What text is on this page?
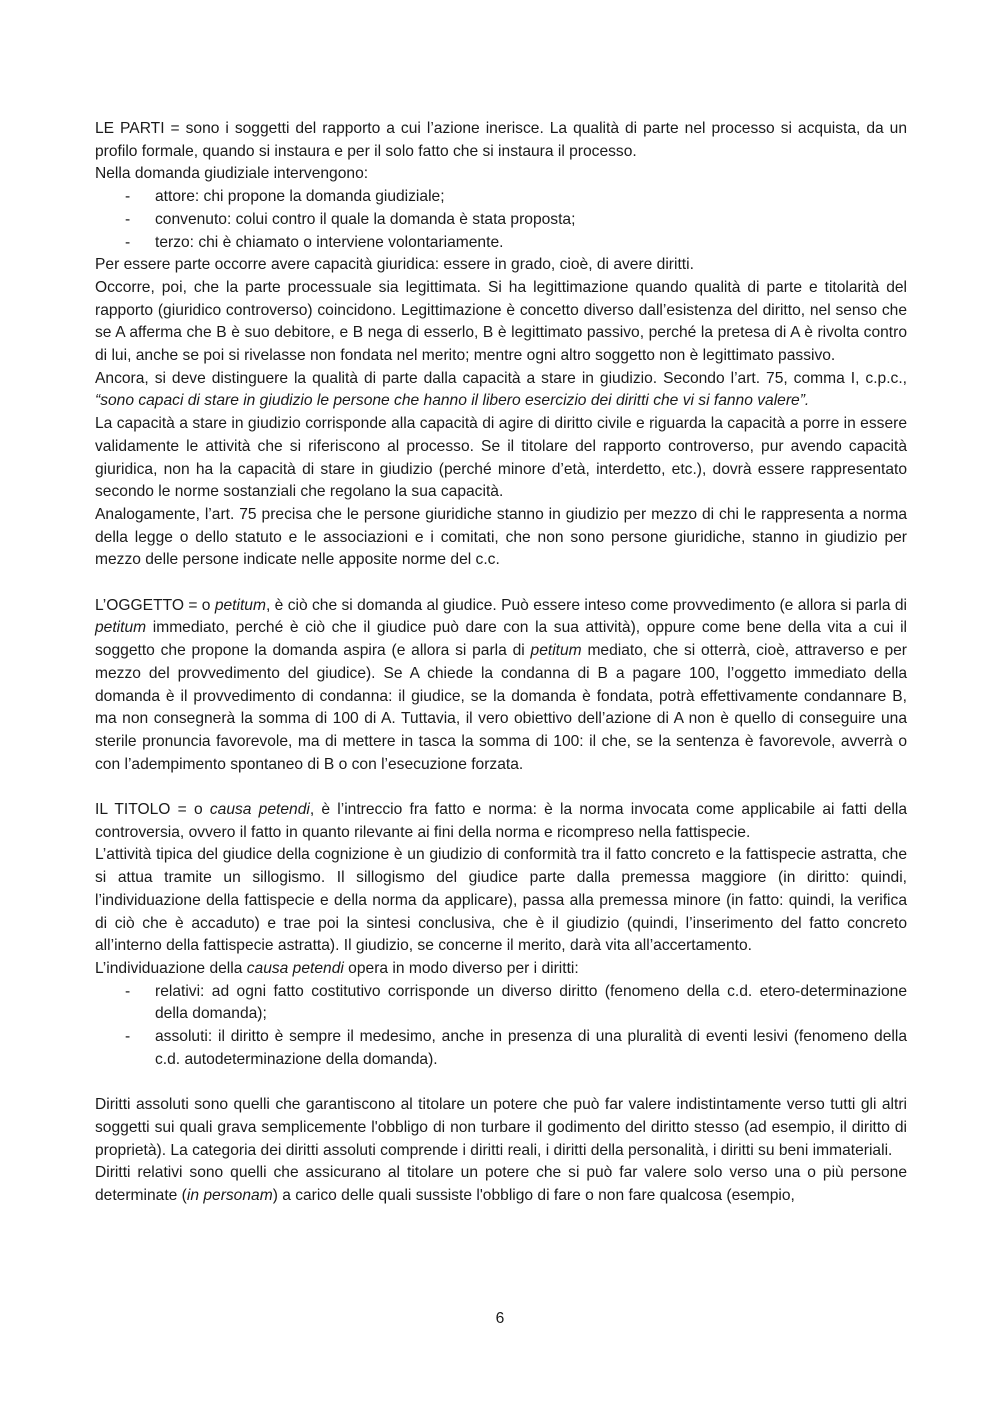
LE PARTI = sono i soggetti del rapporto a cui l’azione inerisce. La qualità di parte nel processo si acquista, da un profilo formale, quando si instaura e per il solo fatto che si instaura il processo.

Nella domanda giudiziale intervengono:

- attore: chi propone la domanda giudiziale;
- convenuto: colui contro il quale la domanda è stata proposta;
- terzo: chi è chiamato o interviene volontariamente.

Per essere parte occorre avere capacità giuridica: essere in grado, cioè, di avere diritti.

Occorre, poi, che la parte processuale sia legittimata. Si ha legittimazione quando qualità di parte e titolarità del rapporto (giuridico controverso) coincidono. Legittimazione è concetto diverso dall’esistenza del diritto, nel senso che se A afferma che B è suo debitore, e B nega di esserlo, B è legittimato passivo, perché la pretesa di A è rivolta contro di lui, anche se poi si rivelasse non fondata nel merito; mentre ogni altro soggetto non è legittimato passivo.

Ancora, si deve distinguere la qualità di parte dalla capacità a stare in giudizio. Secondo l’art. 75, comma I, c.p.c., “sono capaci di stare in giudizio le persone che hanno il libero esercizio dei diritti che vi si fanno valere”.

La capacità a stare in giudizio corrisponde alla capacità di agire di diritto civile e riguarda la capacità a porre in essere validamente le attività che si riferiscono al processo. Se il titolare del rapporto controverso, pur avendo capacità giuridica, non ha la capacità di stare in giudizio (perché minore d’età, interdetto, etc.), dovrà essere rappresentato secondo le norme sostanziali che regolano la sua capacità.

Analogamente, l’art. 75 precisa che le persone giuridiche stanno in giudizio per mezzo di chi le rappresenta a norma della legge o dello statuto e le associazioni e i comitati, che non sono persone giuridiche, stanno in giudizio per mezzo delle persone indicate nelle apposite norme del c.c.

L’OGGETTO = o petitum, è ciò che si domanda al giudice. Può essere inteso come provvedimento (e allora si parla di petitum immediato, perché è ciò che il giudice può dare con la sua attività), oppure come bene della vita a cui il soggetto che propone la domanda aspira (e allora si parla di petitum mediato, che si otterrà, cioè, attraverso e per mezzo del provvedimento del giudice). Se A chiede la condanna di B a pagare 100, l’oggetto immediato della domanda è il provvedimento di condanna: il giudice, se la domanda è fondata, potrà effettivamente condannare B, ma non consegnerà la somma di 100 di A. Tuttavia, il vero obiettivo dell’azione di A non è quello di conseguire una sterile pronuncia favorevole, ma di mettere in tasca la somma di 100: il che, se la sentenza è favorevole, avverrà o con l’adempimento spontaneo di B o con l’esecuzione forzata.

IL TITOLO = o causa petendi, è l’intreccio fra fatto e norma: è la norma invocata come applicabile ai fatti della controversia, ovvero il fatto in quanto rilevante ai fini della norma e ricompreso nella fattispecie.

L’attività tipica del giudice della cognizione è un giudizio di conformità tra il fatto concreto e la fattispecie astratta, che si attua tramite un sillogismo. Il sillogismo del giudice parte dalla premessa maggiore (in diritto: quindi, l’individuazione della fattispecie e della norma da applicare), passa alla premessa minore (in fatto: quindi, la verifica di ciò che è accaduto) e trae poi la sintesi conclusiva, che è il giudizio (quindi, l’inserimento del fatto concreto all’interno della fattispecie astratta). Il giudizio, se concerne il merito, darà vita all’accertamento.

L’individuazione della causa petendi opera in modo diverso per i diritti:

- relativi: ad ogni fatto costitutivo corrisponde un diverso diritto (fenomeno della c.d. etero-determinazione della domanda);
- assoluti: il diritto è sempre il medesimo, anche in presenza di una pluralità di eventi lesivi (fenomeno della c.d. autodeterminazione della domanda).

Diritti assoluti sono quelli che garantiscono al titolare un potere che può far valere indistintamente verso tutti gli altri soggetti sui quali grava semplicemente l'obbligo di non turbare il godimento del diritto stesso (ad esempio, il diritto di proprietà). La categoria dei diritti assoluti comprende i diritti reali, i diritti della personalità, i diritti su beni immateriali.

Diritti relativi sono quelli che assicurano al titolare un potere che si può far valere solo verso una o più persone determinate (in personam) a carico delle quali sussiste l'obbligo di fare o non fare qualcosa (esempio,

6
